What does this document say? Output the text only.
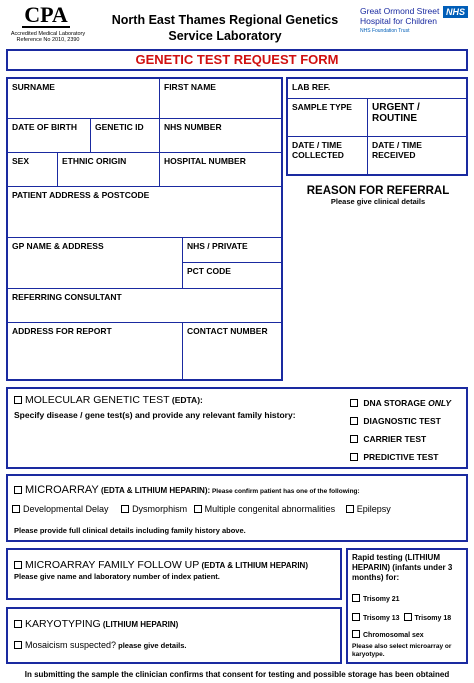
CPA
Accredited Medical Laboratory
Reference No 2010, 2390
North East Thames Regional Genetics
Service Laboratory
Great Ormond Street
Hospital for Children
NHS Foundation Trust
NHS
GENETIC TEST REQUEST FORM
SURNAME	FIRST NAME
DATE OF BIRTH	GENETIC ID	NHS NUMBER
SEX	ETHNIC ORIGIN	HOSPITAL NUMBER
PATIENT ADDRESS & POSTCODE
GP NAME & ADDRESS	NHS / PRIVATE
PCT CODE
REFERRING CONSULTANT
ADDRESS FOR REPORT	CONTACT NUMBER
LAB REF.
SAMPLE TYPE	URGENT / ROUTINE
DATE / TIME COLLECTED
DATE / TIME RECEIVED
REASON FOR REFERRAL
Please give clinical details
MOLECULAR GENETIC TEST (EDTA):
Specify disease / gene test(s) and provide any relevant family history:
DNA STORAGE ONLY
DIAGNOSTIC TEST
CARRIER TEST
PREDICTIVE TEST
MICROARRAY (EDTA & LITHIUM HEPARIN): Please confirm patient has one of the following:
Developmental Delay	Dysmorphism Multiple congenital abnormalities Epilepsy
Please provide full clinical details including family history above.
MICROARRAY FAMILY FOLLOW UP (EDTA & LITHIUM HEPARIN)
Please give name and laboratory number of index patient.
KARYOTYPING (LITHIUM HEPARIN)
Mosaicism suspected? please give details.
Rapid testing (LITHIUM HEPARIN) (infants under 3 months) for:
Trisomy 21
Trisomy 13 Trisomy 18
Chromosomal sex
Please also select microarray or karyotype.
In submitting the sample the clinician confirms that consent for testing and possible storage has been obtained
